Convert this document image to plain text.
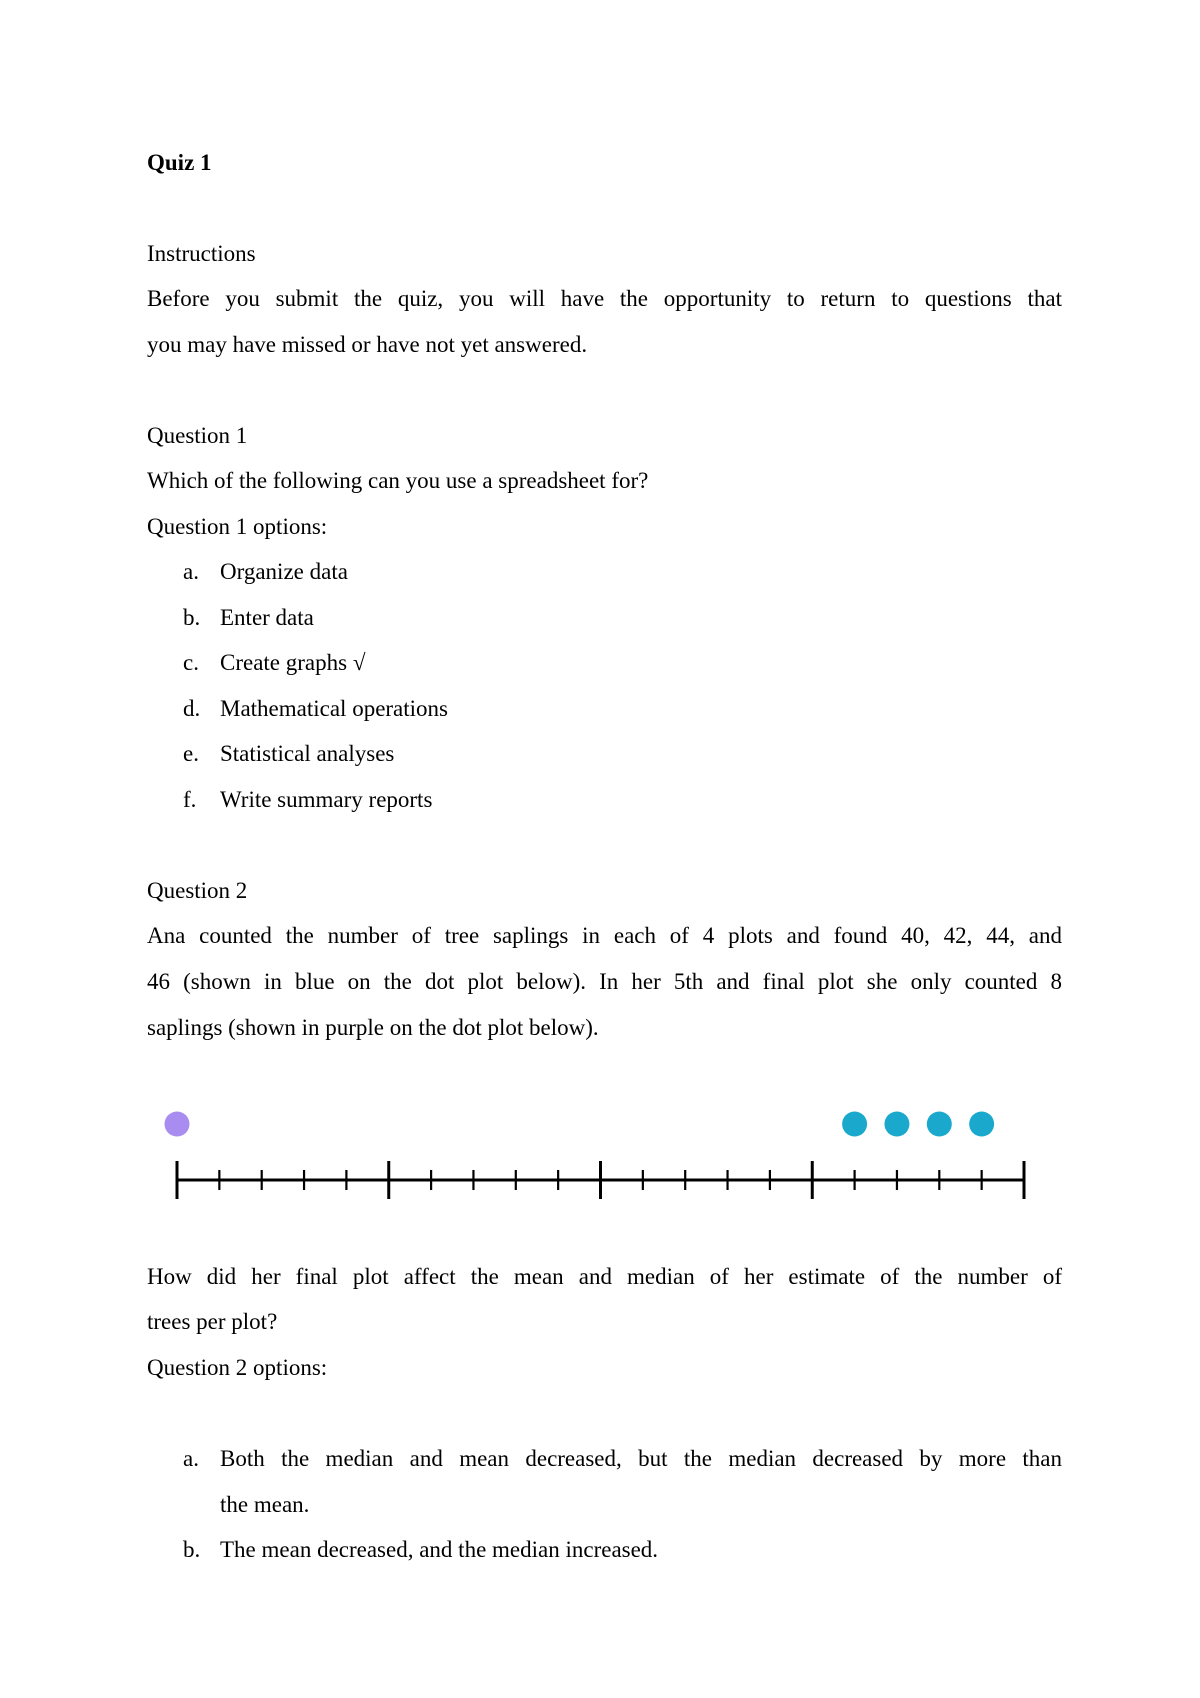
Quiz 1
Instructions
Before you submit the quiz, you will have the opportunity to return to questions that
you may have missed or have not yet answered.
Question 1
Which of the following can you use a spreadsheet for?
Question 1 options:
a. Organize data
b. Enter data
c. Create graphs √
d. Mathematical operations
e. Statistical analyses
f. Write summary reports
Question 2
Ana counted the number of tree saplings in each of 4 plots and found 40, 42, 44, and
46 (shown in blue on the dot plot below). In her 5th and final plot she only counted 8
saplings (shown in purple on the dot plot below).
How did her final plot affect the mean and median of her estimate of the number of
trees per plot?
Question 2 options:
a. Both the median and mean decreased, but the median decreased by more than
the mean.
b. The mean decreased, and the median increased.
